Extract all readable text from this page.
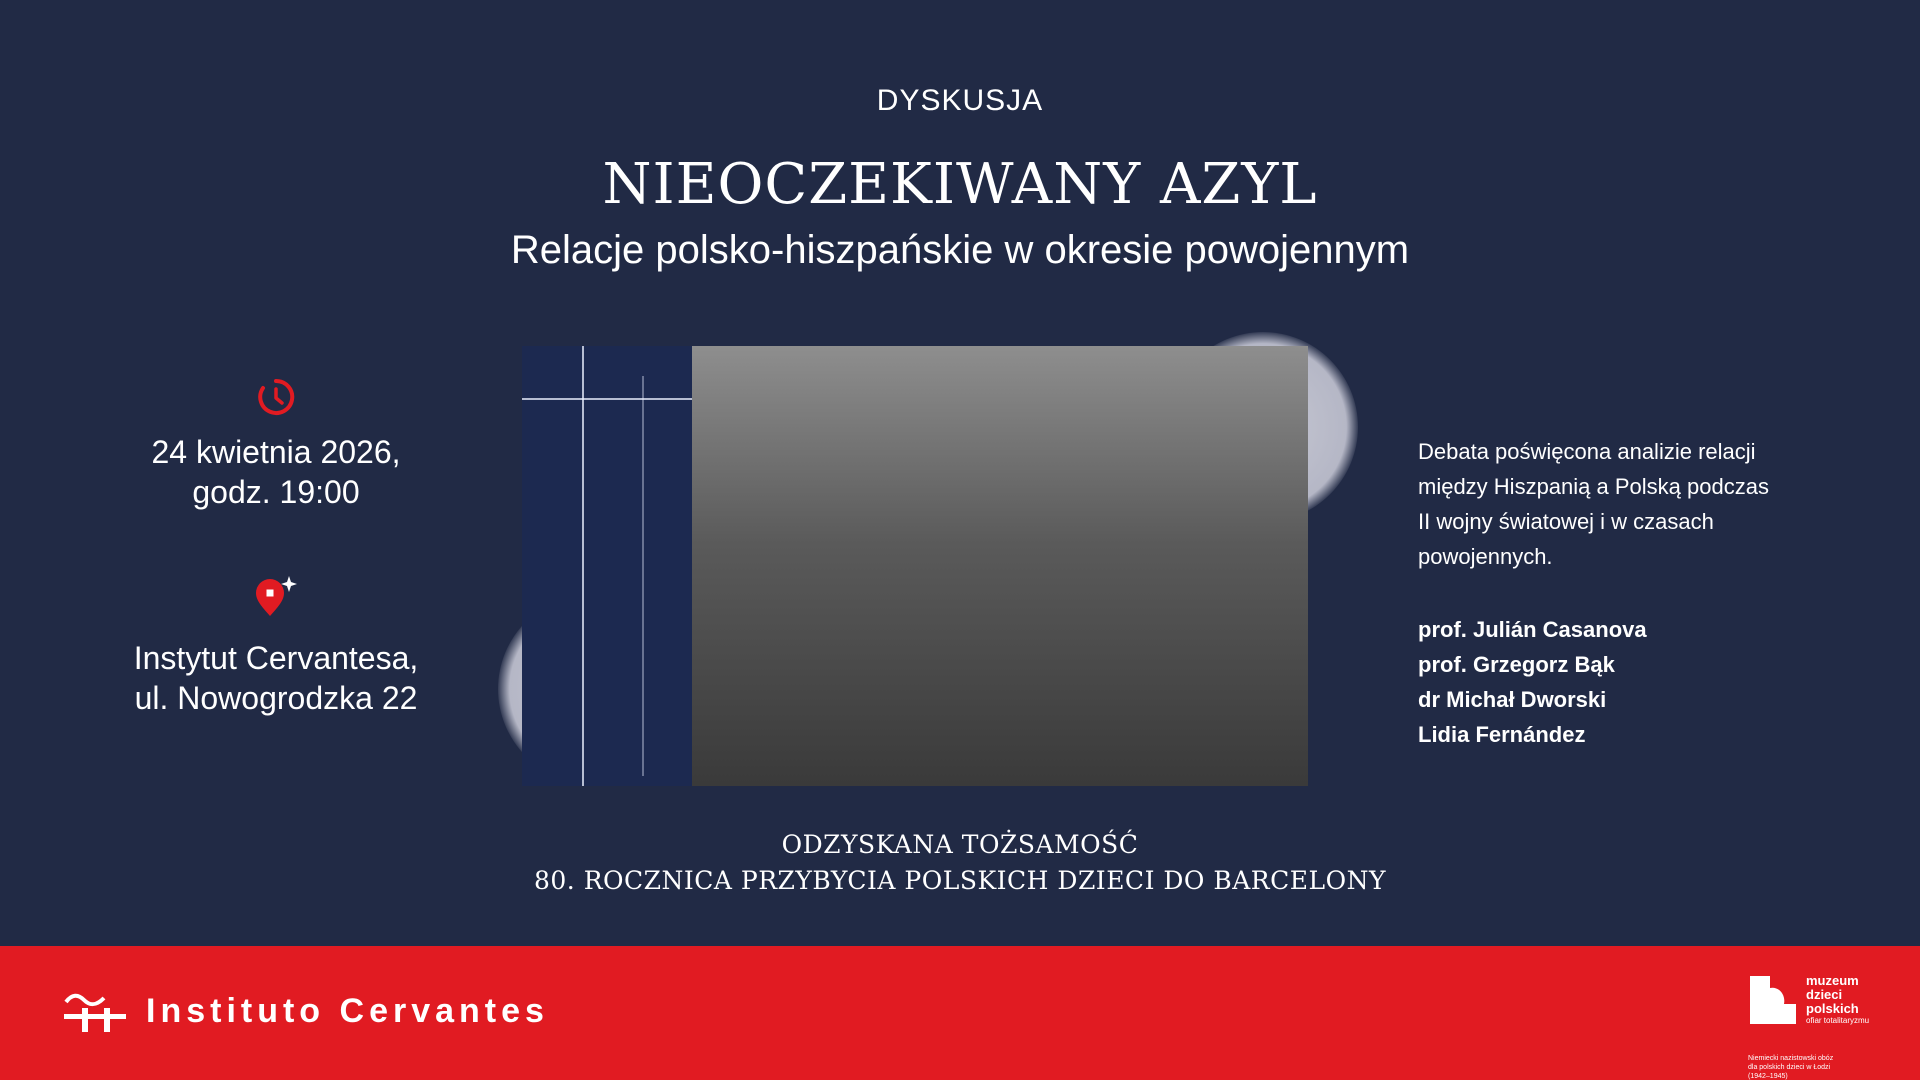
DYSKUSJA
NIEOCZEKIWANY AZYL
Relacje polsko-hiszpańskie w okresie powojennym
24 kwietnia 2026,
godz. 19:00
Instytut Cervantesa,
ul. Nowogrodzka 22
Debata poświęcona analizie relacji
między Hiszpanią a Polską podczas
II wojny światowej i w czasach
powojennych.
prof. Julián Casanova
prof. Grzegorz Bąk
dr Michał Dworski
Lidia Fernández
ODZYSKANA TOŻSAMOŚĆ
80. ROCZNICA PRZYBYCIA POLSKICH DZIECI DO BARCELONY
Instituto Cervantes
muzeum
dzieci
polskich
ofiar totalitaryzmu
Niemiecki nazistowski obóz
dla polskich dzieci w Łodzi
(1942–1945)
